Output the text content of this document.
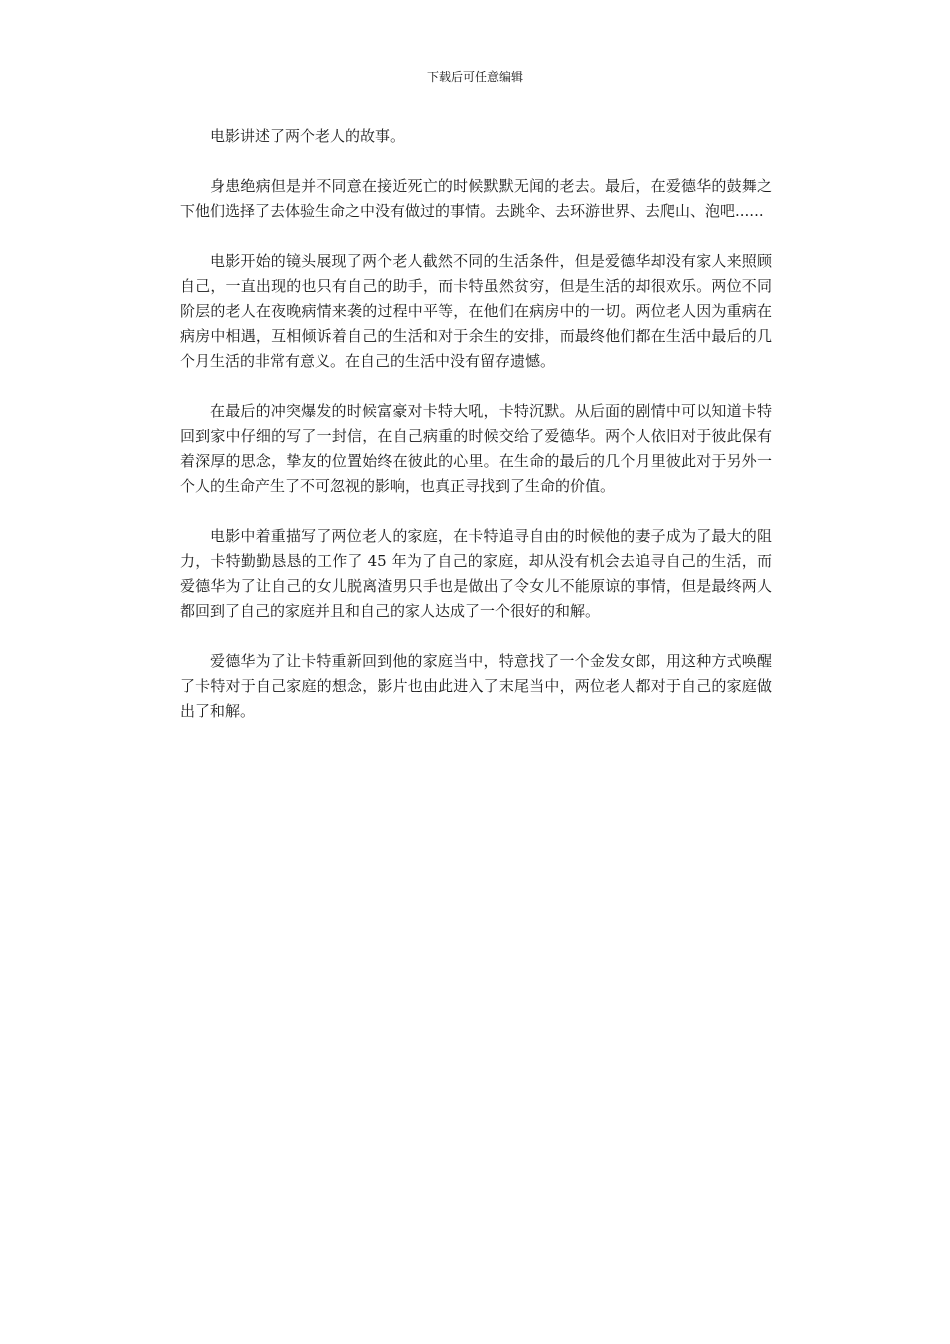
下载后可任意编辑

电影讲述了两个老人的故事。

身患绝病但是并不同意在接近死亡的时候默默无闻的老去。最后，在爱德华的鼓舞之下他们选择了去体验生命之中没有做过的事情。去跳伞、去环游世界、去爬山、泡吧......

电影开始的镜头展现了两个老人截然不同的生活条件，但是爱德华却没有家人来照顾自己，一直出现的也只有自己的助手，而卡特虽然贫穷，但是生活的却很欢乐。两位不同阶层的老人在夜晚病情来袭的过程中平等，在他们在病房中的一切。两位老人因为重病在病房中相遇，互相倾诉着自己的生活和对于余生的安排，而最终他们都在生活中最后的几个月生活的非常有意义。在自己的生活中没有留存遗憾。

在最后的冲突爆发的时候富豪对卡特大吼，卡特沉默。从后面的剧情中可以知道卡特回到家中仔细的写了一封信，在自己病重的时候交给了爱德华。两个人依旧对于彼此保有着深厚的思念，挚友的位置始终在彼此的心里。在生命的最后的几个月里彼此对于另外一个人的生命产生了不可忽视的影响，也真正寻找到了生命的价值。

电影中着重描写了两位老人的家庭，在卡特追寻自由的时候他的妻子成为了最大的阻力，卡特勤勤恳恳的工作了 45 年为了自己的家庭，却从没有机会去追寻自己的生活，而爱德华为了让自己的女儿脱离渣男只手也是做出了令女儿不能原谅的事情，但是最终两人都回到了自己的家庭并且和自己的家人达成了一个很好的和解。

爱德华为了让卡特重新回到他的家庭当中，特意找了一个金发女郎，用这种方式唤醒了卡特对于自己家庭的想念，影片也由此进入了末尾当中，两位老人都对于自己的家庭做出了和解。
